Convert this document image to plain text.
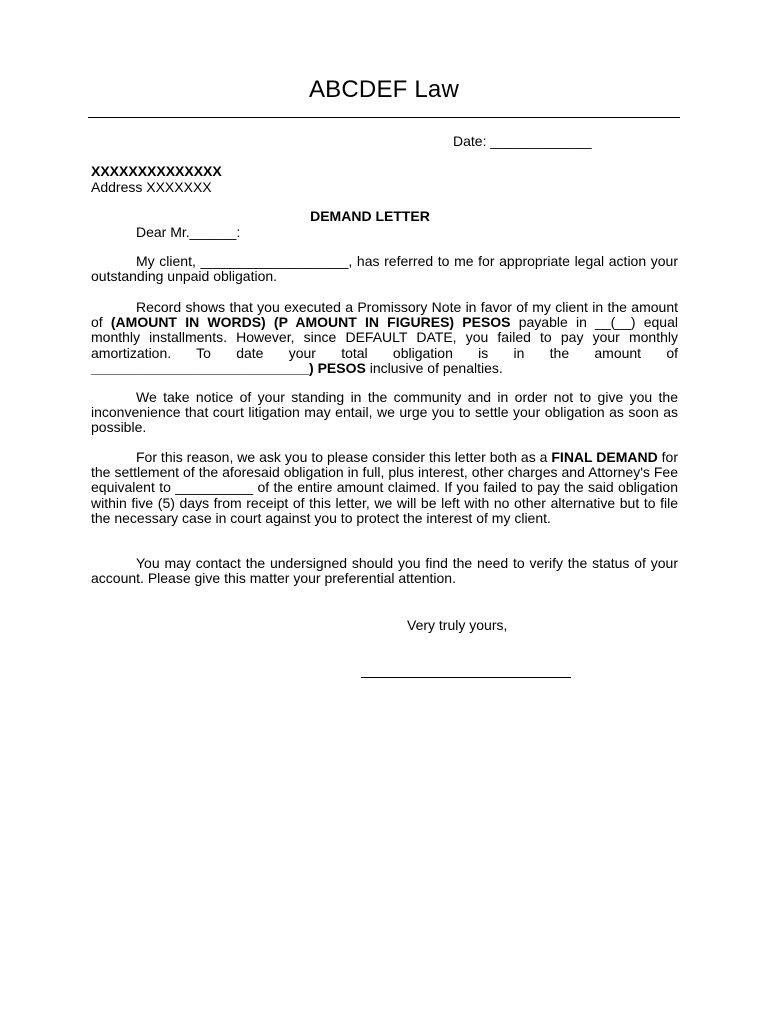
ABCDEF Law
Date: _____________
XXXXXXXXXXXXXX
Address XXXXXXX
DEMAND LETTER
Dear Mr.______:

My client, ___________________, has referred to me for appropriate legal action your outstanding unpaid obligation.

Record shows that you executed a Promissory Note in favor of my client in the amount of (AMOUNT IN WORDS) (P AMOUNT IN FIGURES) PESOS payable in __(__) equal monthly installments. However, since DEFAULT DATE, you failed to pay your monthly amortization. To date your total obligation is in the amount of ____________________________) PESOS inclusive of penalties.

We take notice of your standing in the community and in order not to give you the inconvenience that court litigation may entail, we urge you to settle your obligation as soon as possible.

For this reason, we ask you to please consider this letter both as a FINAL DEMAND for the settlement of the aforesaid obligation in full, plus interest, other charges and Attorney's Fee equivalent to __________ of the entire amount claimed. If you failed to pay the said obligation within five (5) days from receipt of this letter, we will be left with no other alternative but to file the necessary case in court against you to protect the interest of my client.

You may contact the undersigned should you find the need to verify the status of your account. Please give this matter your preferential attention.

Very truly yours,
